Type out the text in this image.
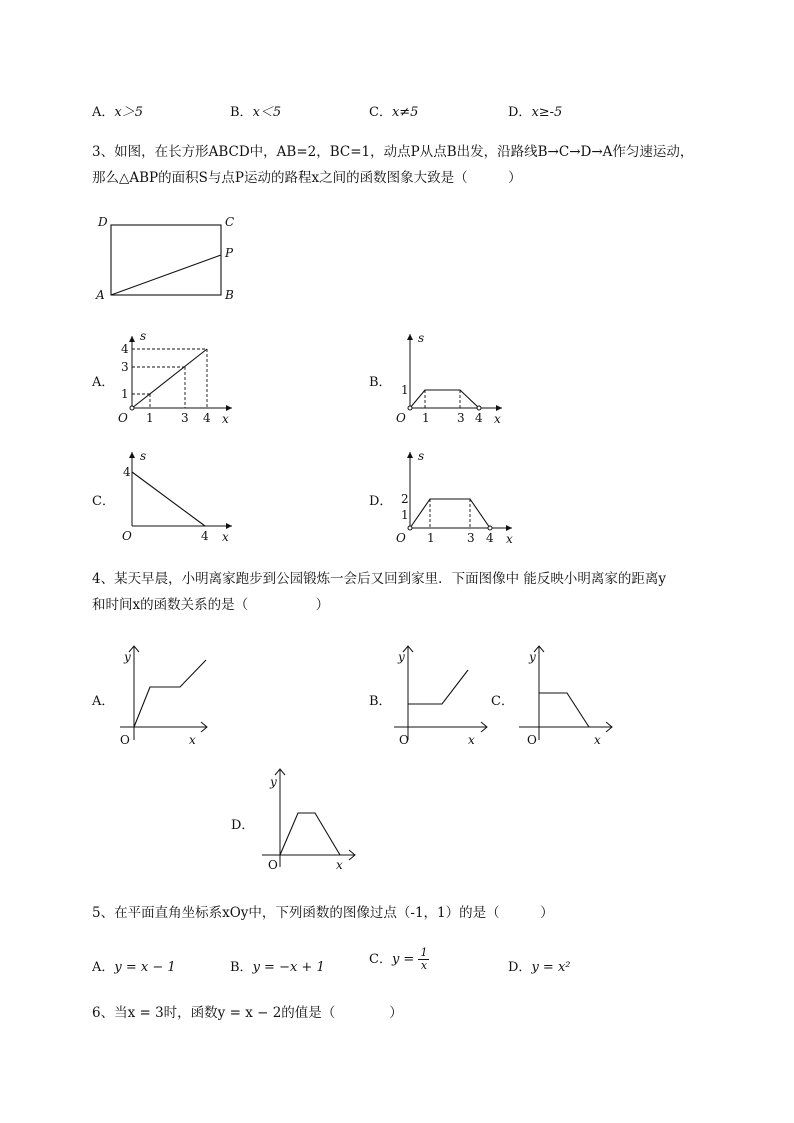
A．x＞5	B．x＜5	C．x≠5	D．x≥-5
3、如图，在长方形ABCD中，AB=2，BC=1，动点P从点B出发，沿路线B→C→D→A作匀速运动，
那么△ABP的面积S与点P运动的路程x之间的函数图象大致是（　　　）
D	C
P
A	B
A．
s
x
O
4
3
1
1 3 4
B．
s
x
O
1
1 3 4
C．
s
x
O
4
4
D．
s
x
O
2
1
1	3 4
4、某天早晨，小明离家跑步到公园锻炼一会后又回到家里．下面图像中 能反映小明离家的距离y
和时间x的函数关系的是（　　　　　）
A．
y
x
O
B．
y
x
O
C．
y
x
O
D．
y
x
O
5、在平面直角坐标系xOy中，下列函数的图像过点（-1，1）的是（　　　）
A．y = x − 1	B．y = −x + 1
C．$y = \frac{1}{x}$	D．y = x²
6、当x = 3时，函数y = x − 2的值是（　　　　）
